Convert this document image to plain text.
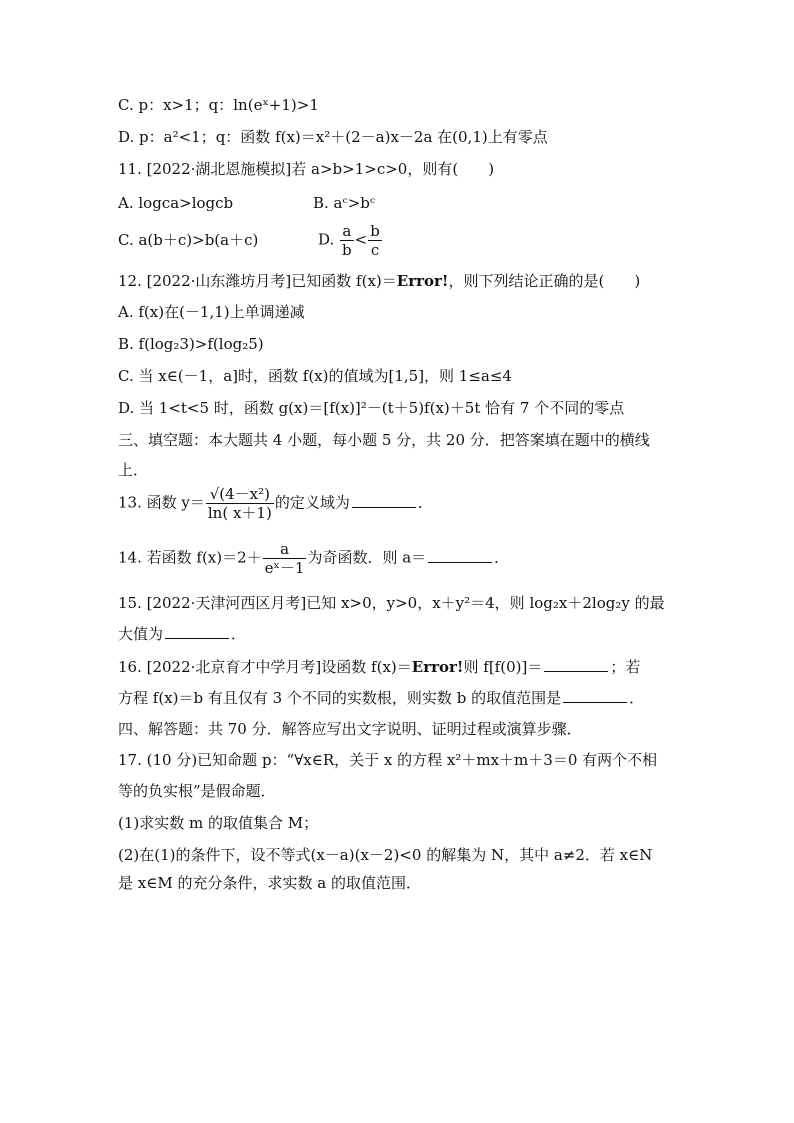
C. p：x>1；q：ln(eˣ+1)>1
D. p：a²<1；q：函数 f(x)＝x²＋(2－a)x－2a 在(0,1)上有零点
11. [2022·湖北恩施模拟]若 a>b>1>c>0，则有(　　)
A. logca>logcb	B. aᶜ>bᶜ
C. a(b＋c)>b(a＋c)	D. $\frac{a}{b} < \frac{b}{c}$
12. [2022·山东潍坊月考]已知函数 f(x)＝Error!，则下列结论正确的是(　　)
A. f(x)在(－1,1)上单调递减
B. f(log₂3)>f(log₂5)
C. 当 x∈(－1，a]时，函数 f(x)的值域为[1,5]，则 1≤a≤4
D. 当 1<t<5 时，函数 g(x)＝[f(x)]²－(t＋5)f(x)＋5t 恰有 7 个不同的零点
三、填空题：本大题共 4 小题，每小题 5 分，共 20 分．把答案填在题中的横线
上．
13. 函数 $y= \frac{\text{√(4－x²)}}{\ln( x+1)}$ 的定义域为	．
14. 若函数 $f(x)=2+ \frac{a}{\text{eˣ－1}}$ 为奇函数．则 a＝	．
15. [2022·天津河西区月考]已知 x>0，y>0，x＋y²＝4，则 log₂x＋2log₂y 的最
大值为	．
16. [2022·北京育才中学月考]设函数 f(x)＝Error!则 f[f(0)]＝	；若
方程 f(x)＝b 有且仅有 3 个不同的实数根，则实数 b 的取值范围是	．
四、解答题：共 70 分．解答应写出文字说明、证明过程或演算步骤．
17. (10 分)已知命题 p：“∀x∈R，关于 x 的方程 x²＋mx＋m＋3＝0 有两个不相
等的负实根”是假命题．
(1)求实数 m 的取值集合 M；
(2)在(1)的条件下，设不等式(x－a)(x－2)<0 的解集为 N，其中 a≠2．若 x∈N
是 x∈M 的充分条件，求实数 a 的取值范围．
